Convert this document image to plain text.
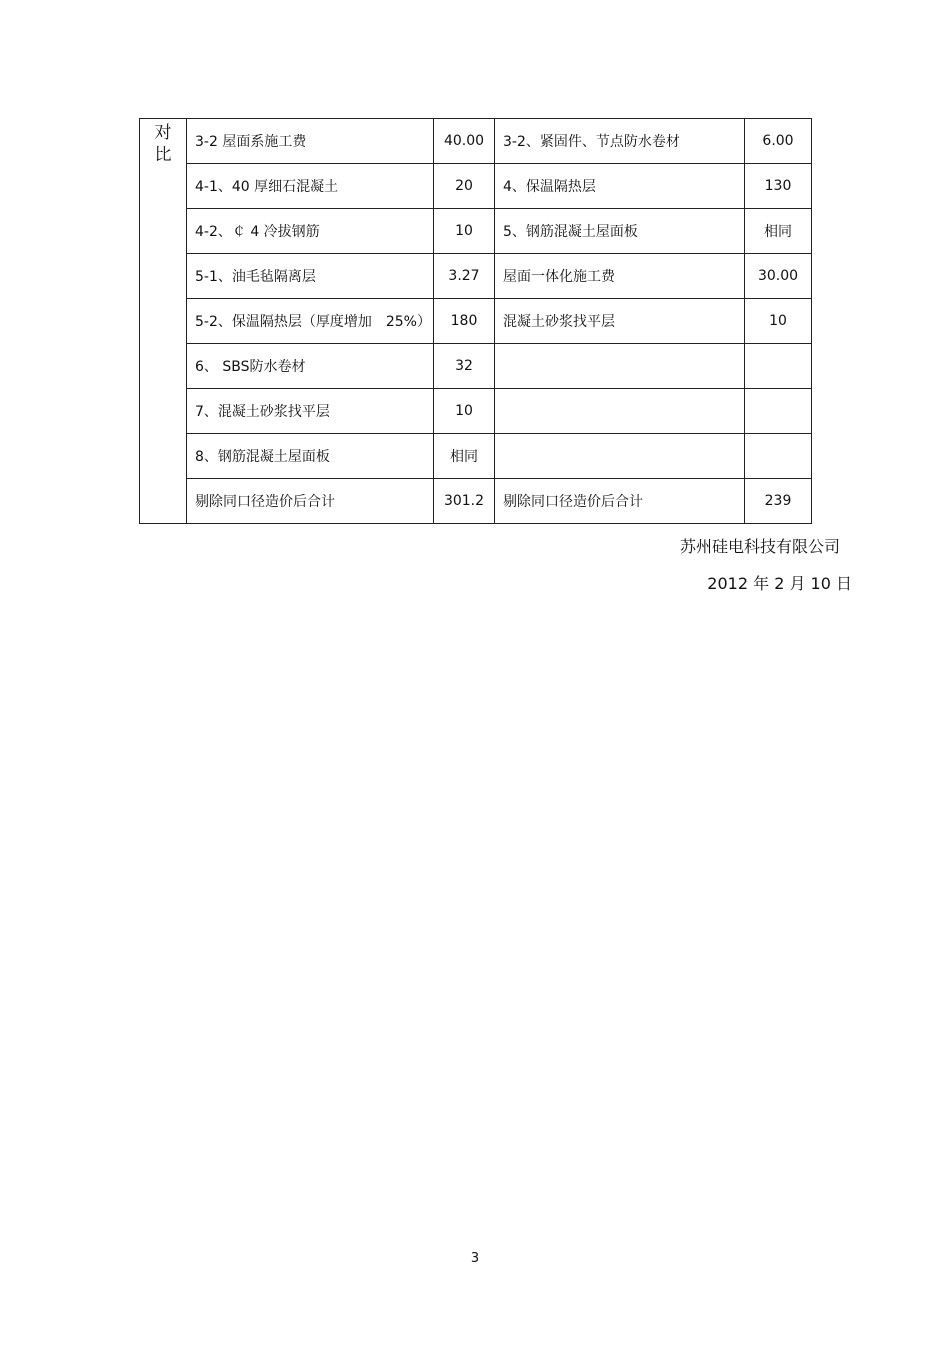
对比	3-2 屋面系施工费	40.00	3-2、紧固件、节点防水卷材	6.00
	4-1、40 厚细石混凝土	20	4、保温隔热层	130
	4-2、￠ 4 冷拔钢筋	10	5、钢筋混凝土屋面板	相同
	5-1、油毛毡隔离层	3.27	屋面一体化施工费	30.00
	5-2、保温隔热层（厚度增加　25%）	180	混凝土砂浆找平层	10
	6、 SBS防水卷材	32		
	7、混凝土砂浆找平层	10		
	8、钢筋混凝土屋面板	相同		
	剔除同口径造价后合计	301.2	剔除同口径造价后合计	239
苏州硅电科技有限公司
2012 年 2 月 10 日
3
